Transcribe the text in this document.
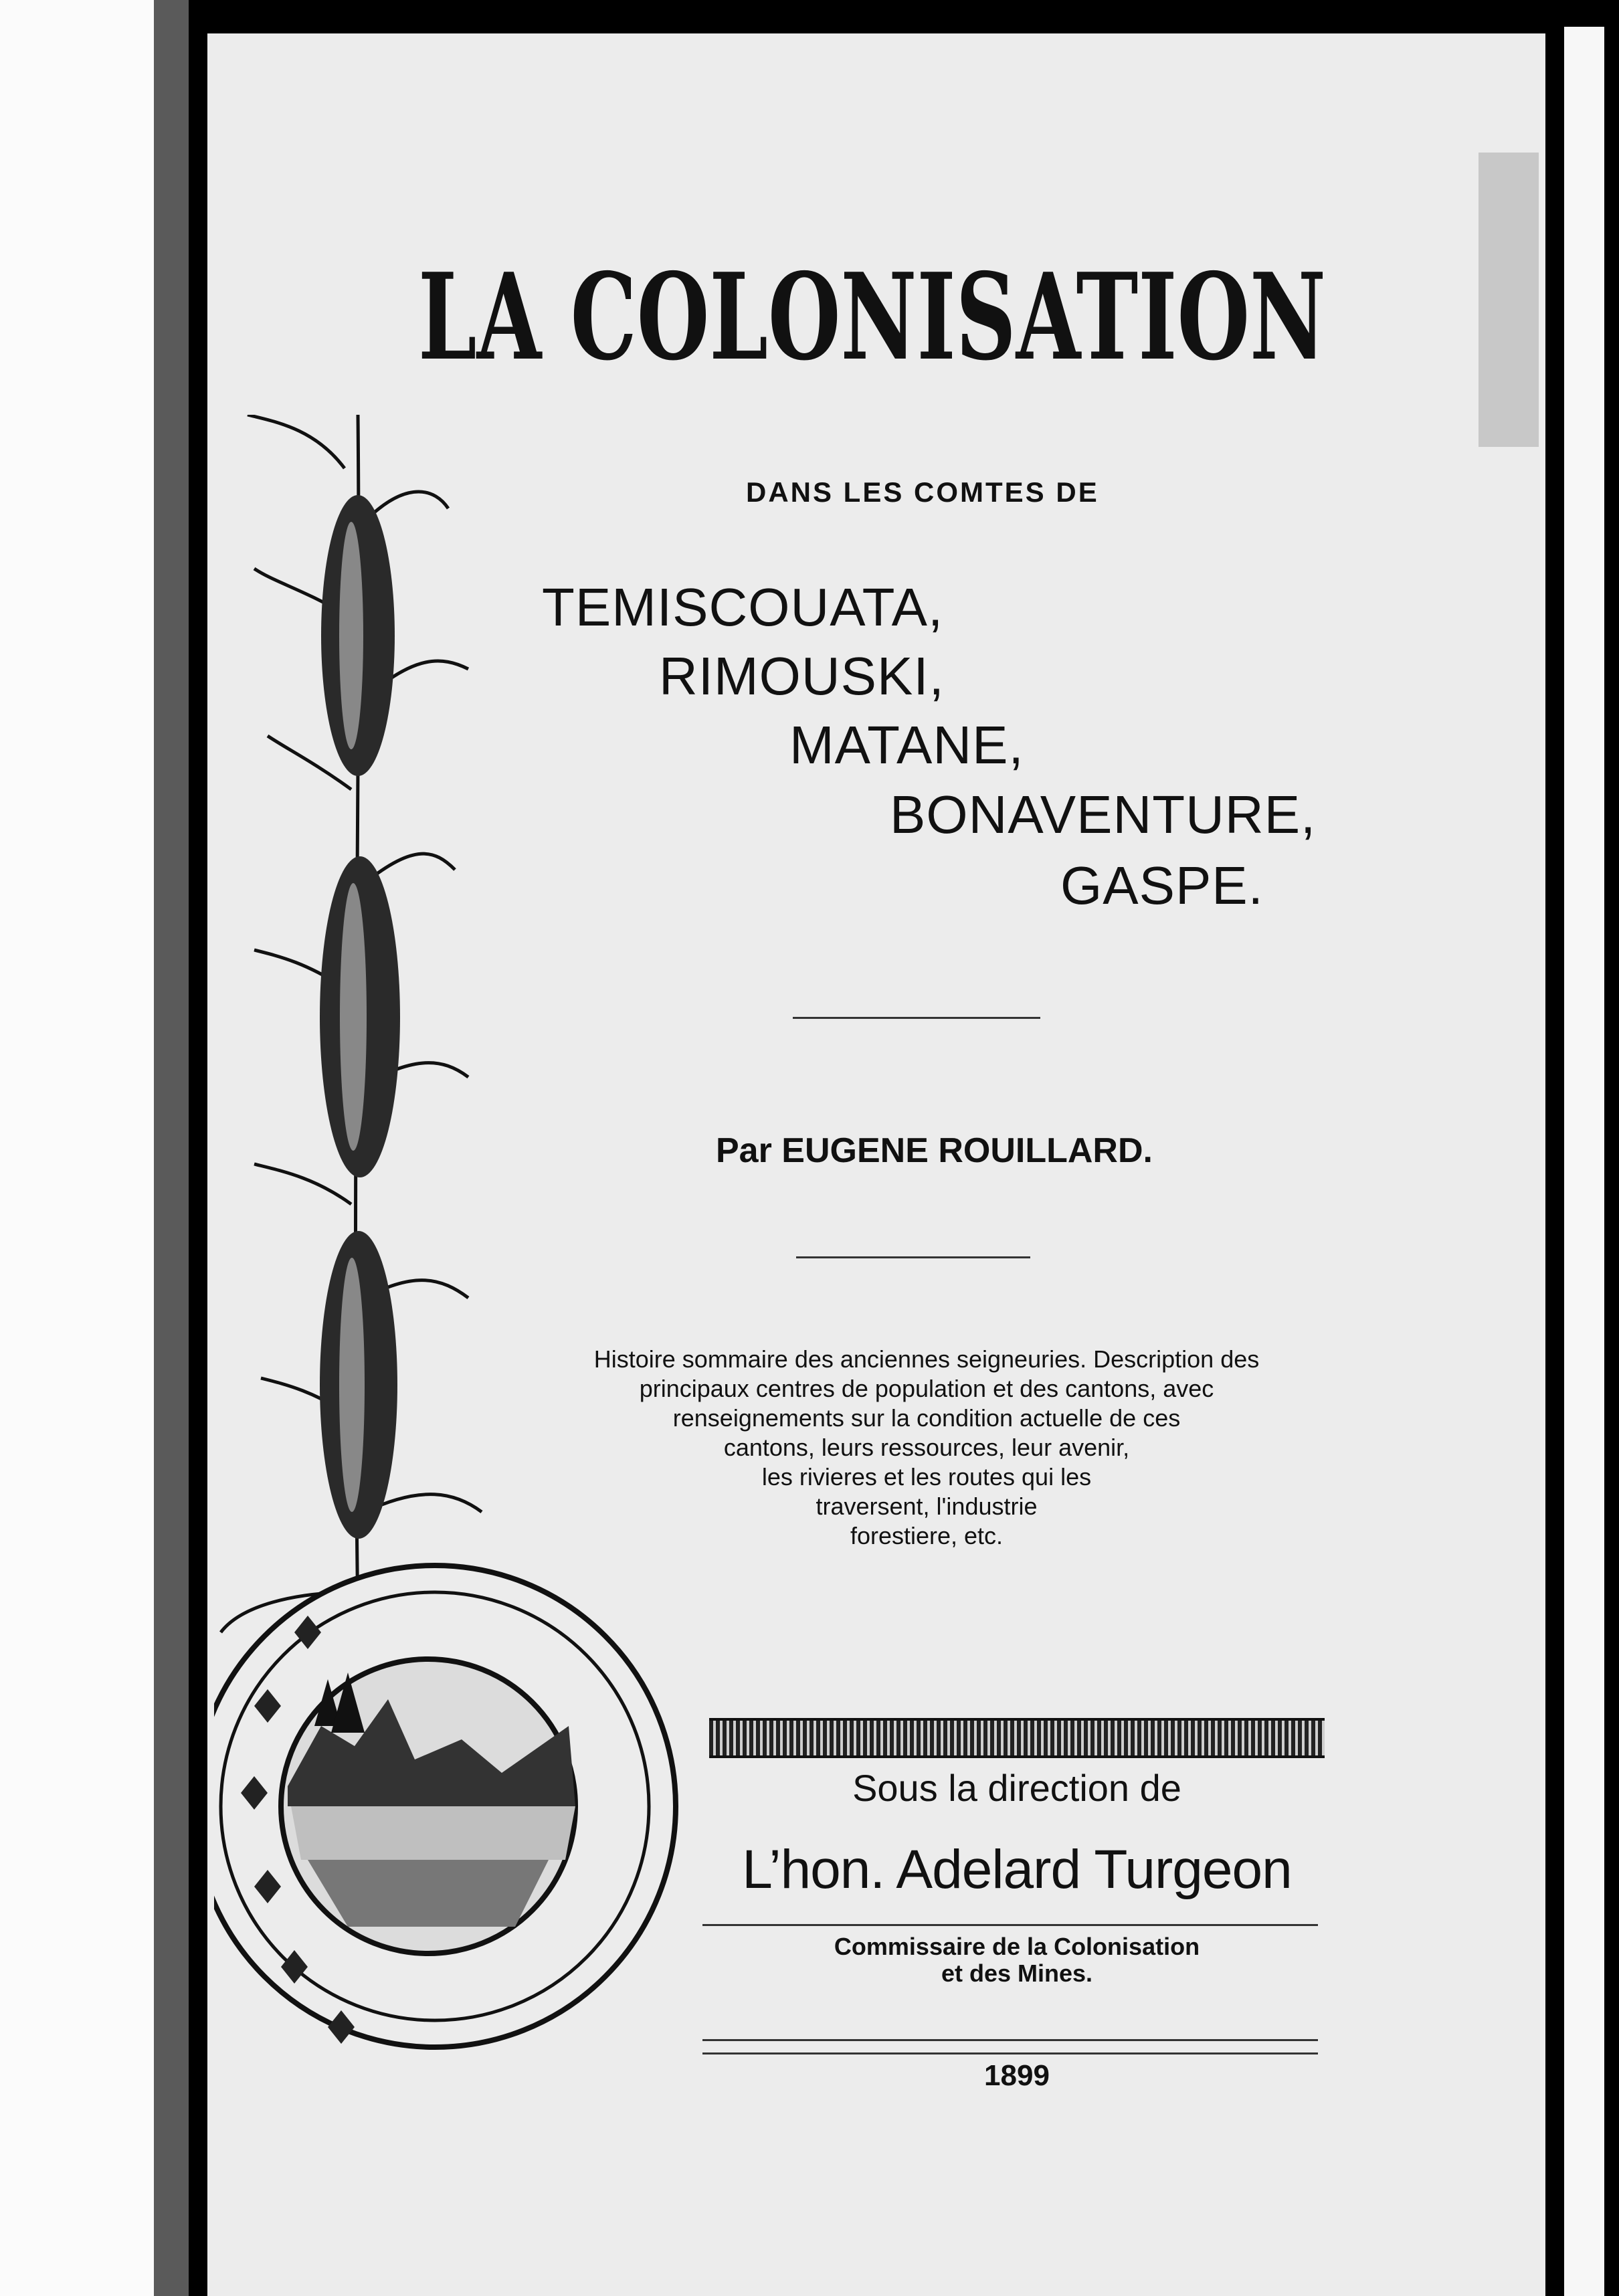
LA COLONISATION
DANS LES COMTES DE
TEMISCOUATA,
RIMOUSKI,
MATANE,
BONAVENTURE,
GASPE.
Par EUGENE ROUILLARD.
Histoire sommaire des anciennes seigneuries. Description des
principaux centres de population et des cantons, avec
renseignements sur la condition actuelle de ces
cantons, leurs ressources, leur avenir,
les rivieres et les routes qui les
traversent, l'industrie
forestiere, etc.
Sous la direction de
L’hon. Adelard Turgeon
Commissaire de la Colonisation
et des Mines.
1899
